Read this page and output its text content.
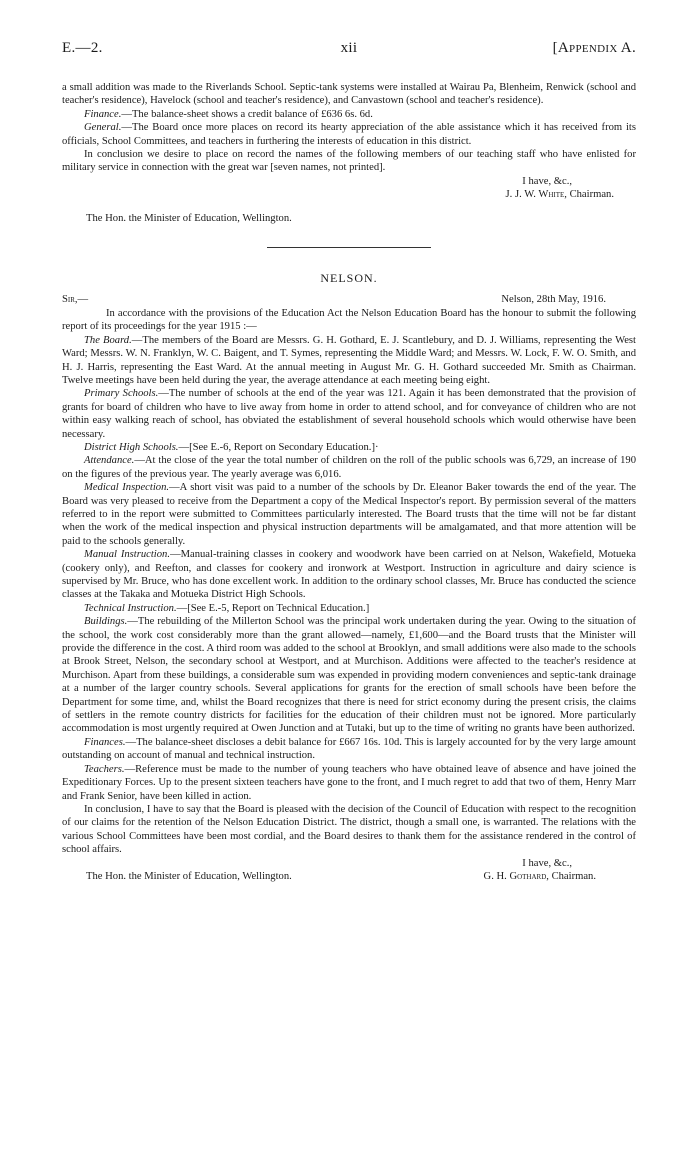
E.—2.	xii	[Appendix A.

a small addition was made to the Riverlands School. Septic-tank systems were installed at Wairau Pa, Blenheim, Renwick (school and teacher's residence), Havelock (school and teacher's residence), and Canvastown (school and teacher's residence).

Finance.—The balance-sheet shows a credit balance of £636 6s. 6d.

General.—The Board once more places on record its hearty appreciation of the able assistance which it has received from its officials, School Committees, and teachers in furthering the interests of education in this district.

In conclusion we desire to place on record the names of the following members of our teaching staff who have enlisted for military service in connection with the great war [seven names, not printed].

I have, &c.,

J. J. W. White, Chairman.

The Hon. the Minister of Education, Wellington.

NELSON.

Sir,—	Nelson, 28th May, 1916.

In accordance with the provisions of the Education Act the Nelson Education Board has the honour to submit the following report of its proceedings for the year 1915 :—

The Board.—The members of the Board are Messrs. G. H. Gothard, E. J. Scantlebury, and D. J. Williams, representing the West Ward; Messrs. W. N. Franklyn, W. C. Baigent, and T. Symes, representing the Middle Ward; and Messrs. W. Lock, F. W. O. Smith, and H. J. Harris, representing the East Ward. At the annual meeting in August Mr. G. H. Gothard succeeded Mr. Smith as Chairman. Twelve meetings have been held during the year, the average attendance at each meeting being eight.

Primary Schools.—The number of schools at the end of the year was 121. Again it has been demonstrated that the provision of grants for board of children who have to live away from home in order to attend school, and for conveyance of children who are not within easy walking reach of school, has obviated the establishment of several household schools which would otherwise have been necessary.

District High Schools.—[See E.-6, Report on Secondary Education.]·

Attendance.—At the close of the year the total number of children on the roll of the public schools was 6,729, an increase of 190 on the figures of the previous year. The yearly average was 6,016.

Medical Inspection.—A short visit was paid to a number of the schools by Dr. Eleanor Baker towards the end of the year. The Board was very pleased to receive from the Department a copy of the Medical Inspector's report. By permission several of the matters referred to in the report were submitted to Committees particularly interested. The Board trusts that the time will not be far distant when the work of the medical inspection and physical instruction departments will be amalgamated, and that more attention will be paid to the schools generally.

Manual Instruction.—Manual-training classes in cookery and woodwork have been carried on at Nelson, Wakefield, Motueka (cookery only), and Reefton, and classes for cookery and ironwork at Westport. Instruction in agriculture and dairy science is supervised by Mr. Bruce, who has done excellent work. In addition to the ordinary school classes, Mr. Bruce has conducted the science classes at the Takaka and Motueka District High Schools.

Technical Instruction.—[See E.-5, Report on Technical Education.]

Buildings.—The rebuilding of the Millerton School was the principal work undertaken during the year. Owing to the situation of the school, the work cost considerably more than the grant allowed—namely, £1,600—and the Board trusts that the Minister will provide the difference in the cost. A third room was added to the school at Brooklyn, and small additions were also made to the schools at Brook Street, Nelson, the secondary school at Westport, and at Murchison. Additions were affected to the teacher's residence at Murchison. Apart from these buildings, a considerable sum was expended in providing modern conveniences and septic-tank drainage at a number of the larger country schools. Several applications for grants for the erection of small schools have been before the Department for some time, and, whilst the Board recognizes that there is need for strict economy during the present crisis, the claims of settlers in the remote country districts for facilities for the education of their children must not be ignored. More particularly accommodation is most urgently required at Owen Junction and at Tutaki, but up to the time of writing no grants have been authorized.

Finances.—The balance-sheet discloses a debit balance for £667 16s. 10d. This is largely accounted for by the very large amount outstanding on account of manual and technical instruction.

Teachers.—Reference must be made to the number of young teachers who have obtained leave of absence and have joined the Expeditionary Forces. Up to the present sixteen teachers have gone to the front, and I much regret to add that two of them, Henry Marr and Frank Senior, have been killed in action.

In conclusion, I have to say that the Board is pleased with the decision of the Council of Education with respect to the recognition of our claims for the retention of the Nelson Education District. The district, though a small one, is warranted. The relations with the various School Committees have been most cordial, and the Board desires to thank them for the assistance rendered in the control of school affairs.

I have, &c.,

The Hon. the Minister of Education, Wellington.	G. H. Gothard, Chairman.
